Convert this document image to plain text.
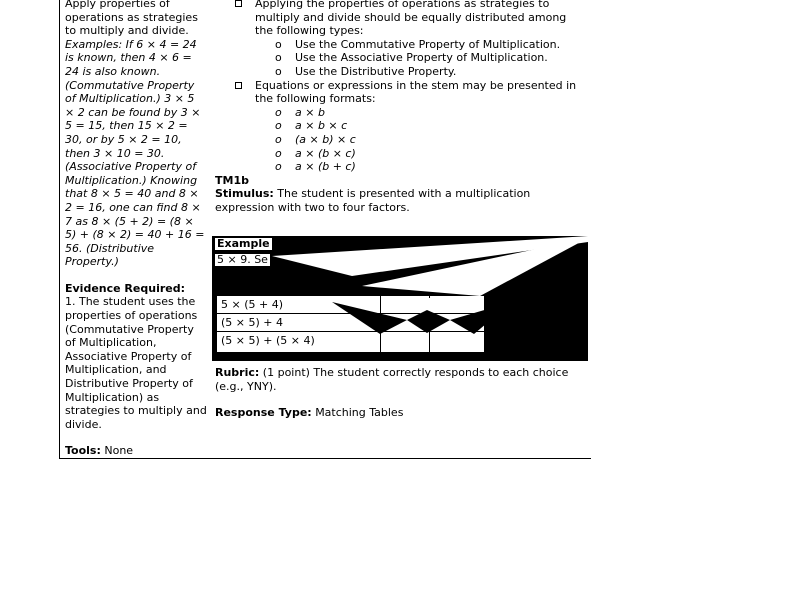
Apply properties of operations as strategies to multiply and divide.

Examples: If 6 × 4 = 24 is known, then 4 × 6 = 24 is also known. (Commutative Property of Multiplication.) 3 × 5 × 2 can be found by 3 × 5 = 15, then 15 × 2 = 30, or by 5 × 2 = 10, then 3 × 10 = 30. (Associative Property of Multiplication.) Knowing that 8 × 5 = 40 and 8 × 2 = 16, one can find 8 × 7 as 8 × (5 + 2) = (8 × 5) + (8 × 2) = 40 + 16 = 56. (Distributive Property.)

Evidence Required:

1. The student uses the properties of operations (Commutative Property of Multiplication, Associative Property of Multiplication, and Distributive Property of Multiplication) as strategies to multiply and divide.

Tools: None
Applying the properties of operations as strategies to multiply and divide should be equally distributed among the following types:
o Use the Commutative Property of Multiplication.
o Use the Associative Property of Multiplication.
o Use the Distributive Property.
Equations or expressions in the stem may be presented in the following formats:
o a × b
o a × b × c
o (a × b) × c
o a × (b × c)
o a × (b + c)

TM1b

Stimulus: The student is presented with a multiplication expression with two to four factors.

Example
5 × 9. Se
5 × (5 + 4)
(5 × 5) + 4
(5 × 5) + (5 × 4)

Rubric: (1 point) The student correctly responds to each choice (e.g., YNY).

Response Type: Matching Tables
